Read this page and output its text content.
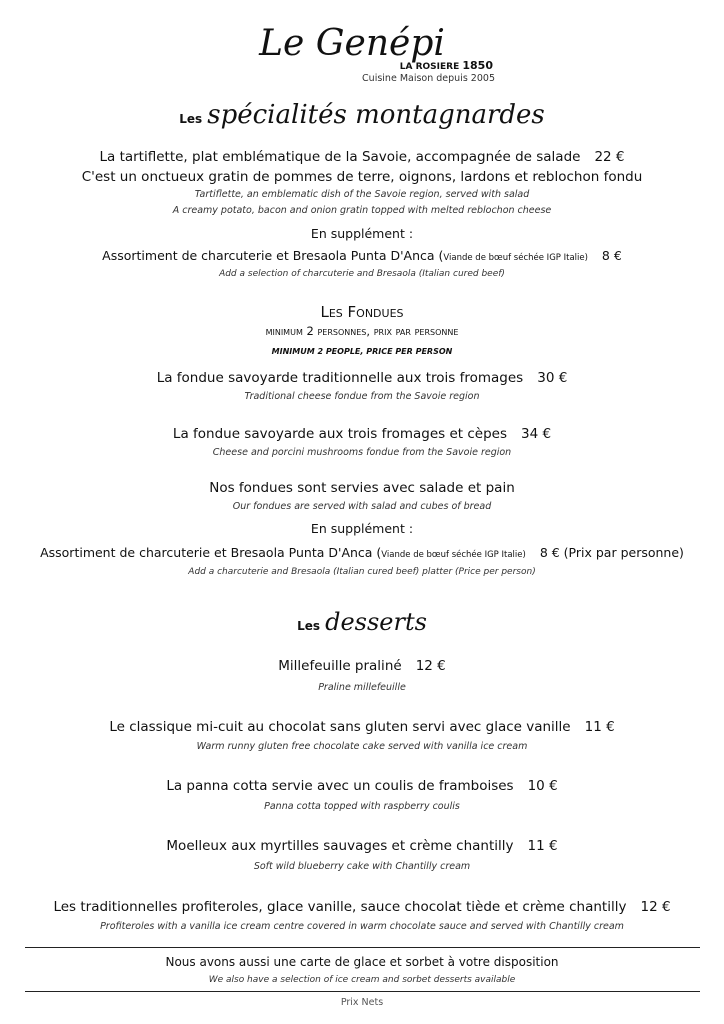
Le Genépi
LA ROSIERE 1850
Cuisine Maison depuis 2005
Les spécialités montagnardes
La tartiflette, plat emblématique de la Savoie, accompagnée de salade 22 €
C'est un onctueux gratin de pommes de terre, oignons, lardons et reblochon fondu
Tartiflette, an emblematic dish of the Savoie region, served with salad
A creamy potato, bacon and onion gratin topped with melted reblochon cheese
En supplément :
Assortiment de charcuterie et Bresaola Punta D'Anca (Viande de bœuf séchée IGP Italie) 8 €
Add a selection of charcuterie and Bresaola (Italian cured beef)
Les Fondues
minimum 2 personnes, prix par personne
MINIMUM 2 PEOPLE, PRICE PER PERSON
La fondue savoyarde traditionnelle aux trois fromages 30 €
Traditional cheese fondue from the Savoie region
La fondue savoyarde aux trois fromages et cèpes 34 €
Cheese and porcini mushrooms fondue from the Savoie region
Nos fondues sont servies avec salade et pain
Our fondues are served with salad and cubes of bread
En supplément :
Assortiment de charcuterie et Bresaola Punta D'Anca (Viande de bœuf séchée IGP Italie) 8 € (Prix par personne)
Add a charcuterie and Bresaola (Italian cured beef) platter (Price per person)
Les desserts
Millefeuille praliné 12 €
Praline millefeuille
Le classique mi-cuit au chocolat sans gluten servi avec glace vanille 11 €
Warm runny gluten free chocolate cake served with vanilla ice cream
La panna cotta servie avec un coulis de framboises 10 €
Panna cotta topped with raspberry coulis
Moelleux aux myrtilles sauvages et crème chantilly 11 €
Soft wild blueberry cake with Chantilly cream
Les traditionnelles profiteroles, glace vanille, sauce chocolat tiède et crème chantilly 12 €
Profiteroles with a vanilla ice cream centre covered in warm chocolate sauce and served with Chantilly cream
Nous avons aussi une carte de glace et sorbet à votre disposition
We also have a selection of ice cream and sorbet desserts available
Prix Nets
